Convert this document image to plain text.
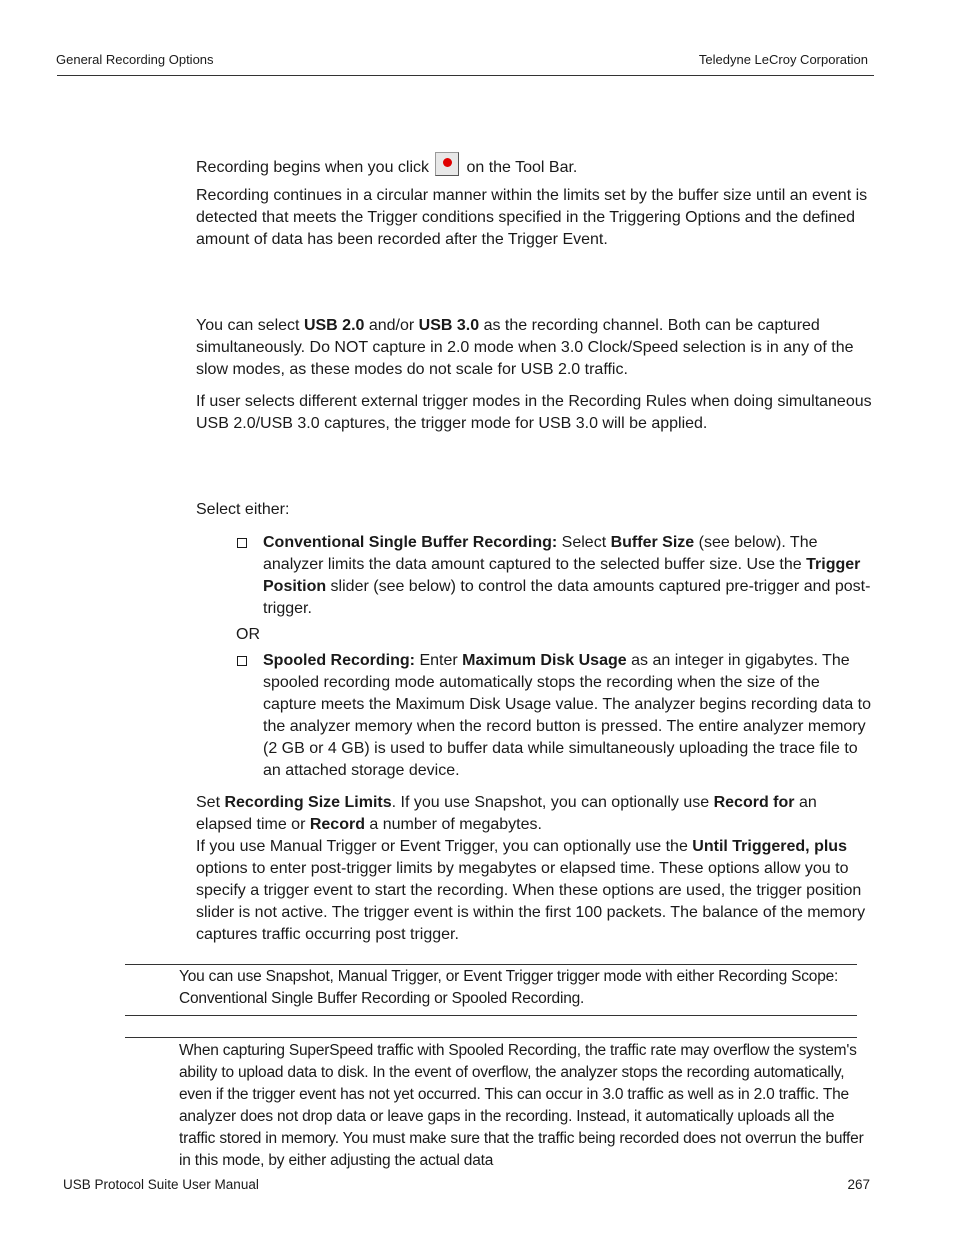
General Recording Options	Teledyne LeCroy Corporation

Recording begins when you click on the Tool Bar.

Recording continues in a circular manner within the limits set by the buffer size until an event is detected that meets the Trigger conditions specified in the Triggering Options and the defined amount of data has been recorded after the Trigger Event.

You can select USB 2.0 and/or USB 3.0 as the recording channel. Both can be captured simultaneously. Do NOT capture in 2.0 mode when 3.0 Clock/Speed selection is in any of the slow modes, as these modes do not scale for USB 2.0 traffic.

If user selects different external trigger modes in the Recording Rules when doing simultaneous USB 2.0/USB 3.0 captures, the trigger mode for USB 3.0 will be applied.

Select either:

Conventional Single Buffer Recording: Select Buffer Size (see below). The analyzer limits the data amount captured to the selected buffer size. Use the Trigger Position slider (see below) to control the data amounts captured pre-trigger and post-trigger.

OR

Spooled Recording: Enter Maximum Disk Usage as an integer in gigabytes. The spooled recording mode automatically stops the recording when the size of the capture meets the Maximum Disk Usage value. The analyzer begins recording data to the analyzer memory when the record button is pressed. The entire analyzer memory (2 GB or 4 GB) is used to buffer data while simultaneously uploading the trace file to an attached storage device.

Set Recording Size Limits. If you use Snapshot, you can optionally use Record for an elapsed time or Record a number of megabytes.

If you use Manual Trigger or Event Trigger, you can optionally use the Until Triggered, plus options to enter post-trigger limits by megabytes or elapsed time. These options allow you to specify a trigger event to start the recording. When these options are used, the trigger position slider is not active. The trigger event is within the first 100 packets. The balance of the memory captures traffic occurring post trigger.

You can use Snapshot, Manual Trigger, or Event Trigger trigger mode with either Recording Scope: Conventional Single Buffer Recording or Spooled Recording.

When capturing SuperSpeed traffic with Spooled Recording, the traffic rate may overflow the system's ability to upload data to disk. In the event of overflow, the analyzer stops the recording automatically, even if the trigger event has not yet occurred. This can occur in 3.0 traffic as well as in 2.0 traffic. The analyzer does not drop data or leave gaps in the recording. Instead, it automatically uploads all the traffic stored in memory. You must make sure that the traffic being recorded does not overrun the buffer in this mode, by either adjusting the actual data

USB Protocol Suite User Manual	267
